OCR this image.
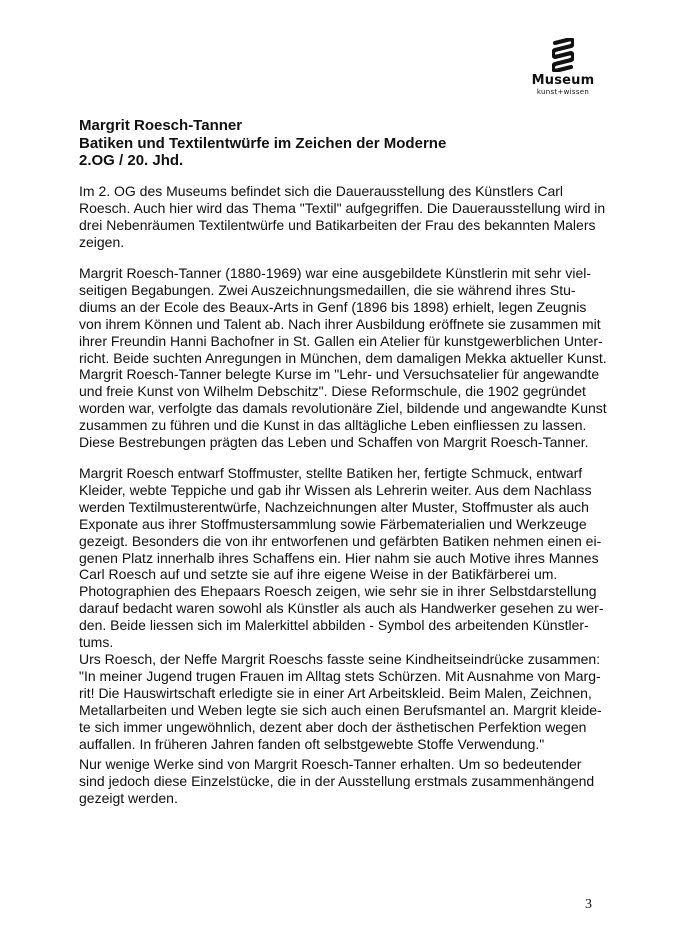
Museum
kunst+wissen
Margrit Roesch-Tanner
Batiken und Textilentwürfe im Zeichen der Moderne
2.OG / 20. Jhd.
Im 2. OG des Museums befindet sich die Dauerausstellung des Künstlers Carl
Roesch. Auch hier wird das Thema "Textil" aufgegriffen. Die Dauerausstellung wird in
drei Nebenräumen Textilentwürfe und Batikarbeiten der Frau des bekannten Malers
zeigen.
Margrit Roesch-Tanner (1880-1969) war eine ausgebildete Künstlerin mit sehr viel-
seitigen Begabungen. Zwei Auszeichnungsmedaillen, die sie während ihres Stu-
diums an der Ecole des Beaux-Arts in Genf (1896 bis 1898) erhielt, legen Zeugnis
von ihrem Können und Talent ab. Nach ihrer Ausbildung eröffnete sie zusammen mit
ihrer Freundin Hanni Bachofner in St. Gallen ein Atelier für kunstgewerblichen Unter-
richt. Beide suchten Anregungen in München, dem damaligen Mekka aktueller Kunst.
Margrit Roesch-Tanner belegte Kurse im "Lehr- und Versuchsatelier für angewandte
und freie Kunst von Wilhelm Debschitz". Diese Reformschule, die 1902 gegründet
worden war, verfolgte das damals revolutionäre Ziel, bildende und angewandte Kunst
zusammen zu führen und die Kunst in das alltägliche Leben einfliessen zu lassen.
Diese Bestrebungen prägten das Leben und Schaffen von Margrit Roesch-Tanner.
Margrit Roesch entwarf Stoffmuster, stellte Batiken her, fertigte Schmuck, entwarf
Kleider, webte Teppiche und gab ihr Wissen als Lehrerin weiter. Aus dem Nachlass
werden Textilmusterentwürfe, Nachzeichnungen alter Muster, Stoffmuster als auch
Exponate aus ihrer Stoffmustersammlung sowie Färbematerialien und Werkzeuge
gezeigt. Besonders die von ihr entworfenen und gefärbten Batiken nehmen einen ei-
genen Platz innerhalb ihres Schaffens ein. Hier nahm sie auch Motive ihres Mannes
Carl Roesch auf und setzte sie auf ihre eigene Weise in der Batikfärberei um.
Photographien des Ehepaars Roesch zeigen, wie sehr sie in ihrer Selbstdarstellung
darauf bedacht waren sowohl als Künstler als auch als Handwerker gesehen zu wer-
den. Beide liessen sich im Malerkittel abbilden - Symbol des arbeitenden Künstler-
tums.
Urs Roesch, der Neffe Margrit Roeschs fasste seine Kindheitseindrücke zusammen:
"In meiner Jugend trugen Frauen im Alltag stets Schürzen. Mit Ausnahme von Marg-
rit! Die Hauswirtschaft erledigte sie in einer Art Arbeitskleid. Beim Malen, Zeichnen,
Metallarbeiten und Weben legte sie sich auch einen Berufsmantel an. Margrit kleide-
te sich immer ungewöhnlich, dezent aber doch der ästhetischen Perfektion wegen
auffallen. In früheren Jahren fanden oft selbstgewebte Stoffe Verwendung."
Nur wenige Werke sind von Margrit Roesch-Tanner erhalten. Um so bedeutender
sind jedoch diese Einzelstücke, die in der Ausstellung erstmals zusammenhängend
gezeigt werden.
3
